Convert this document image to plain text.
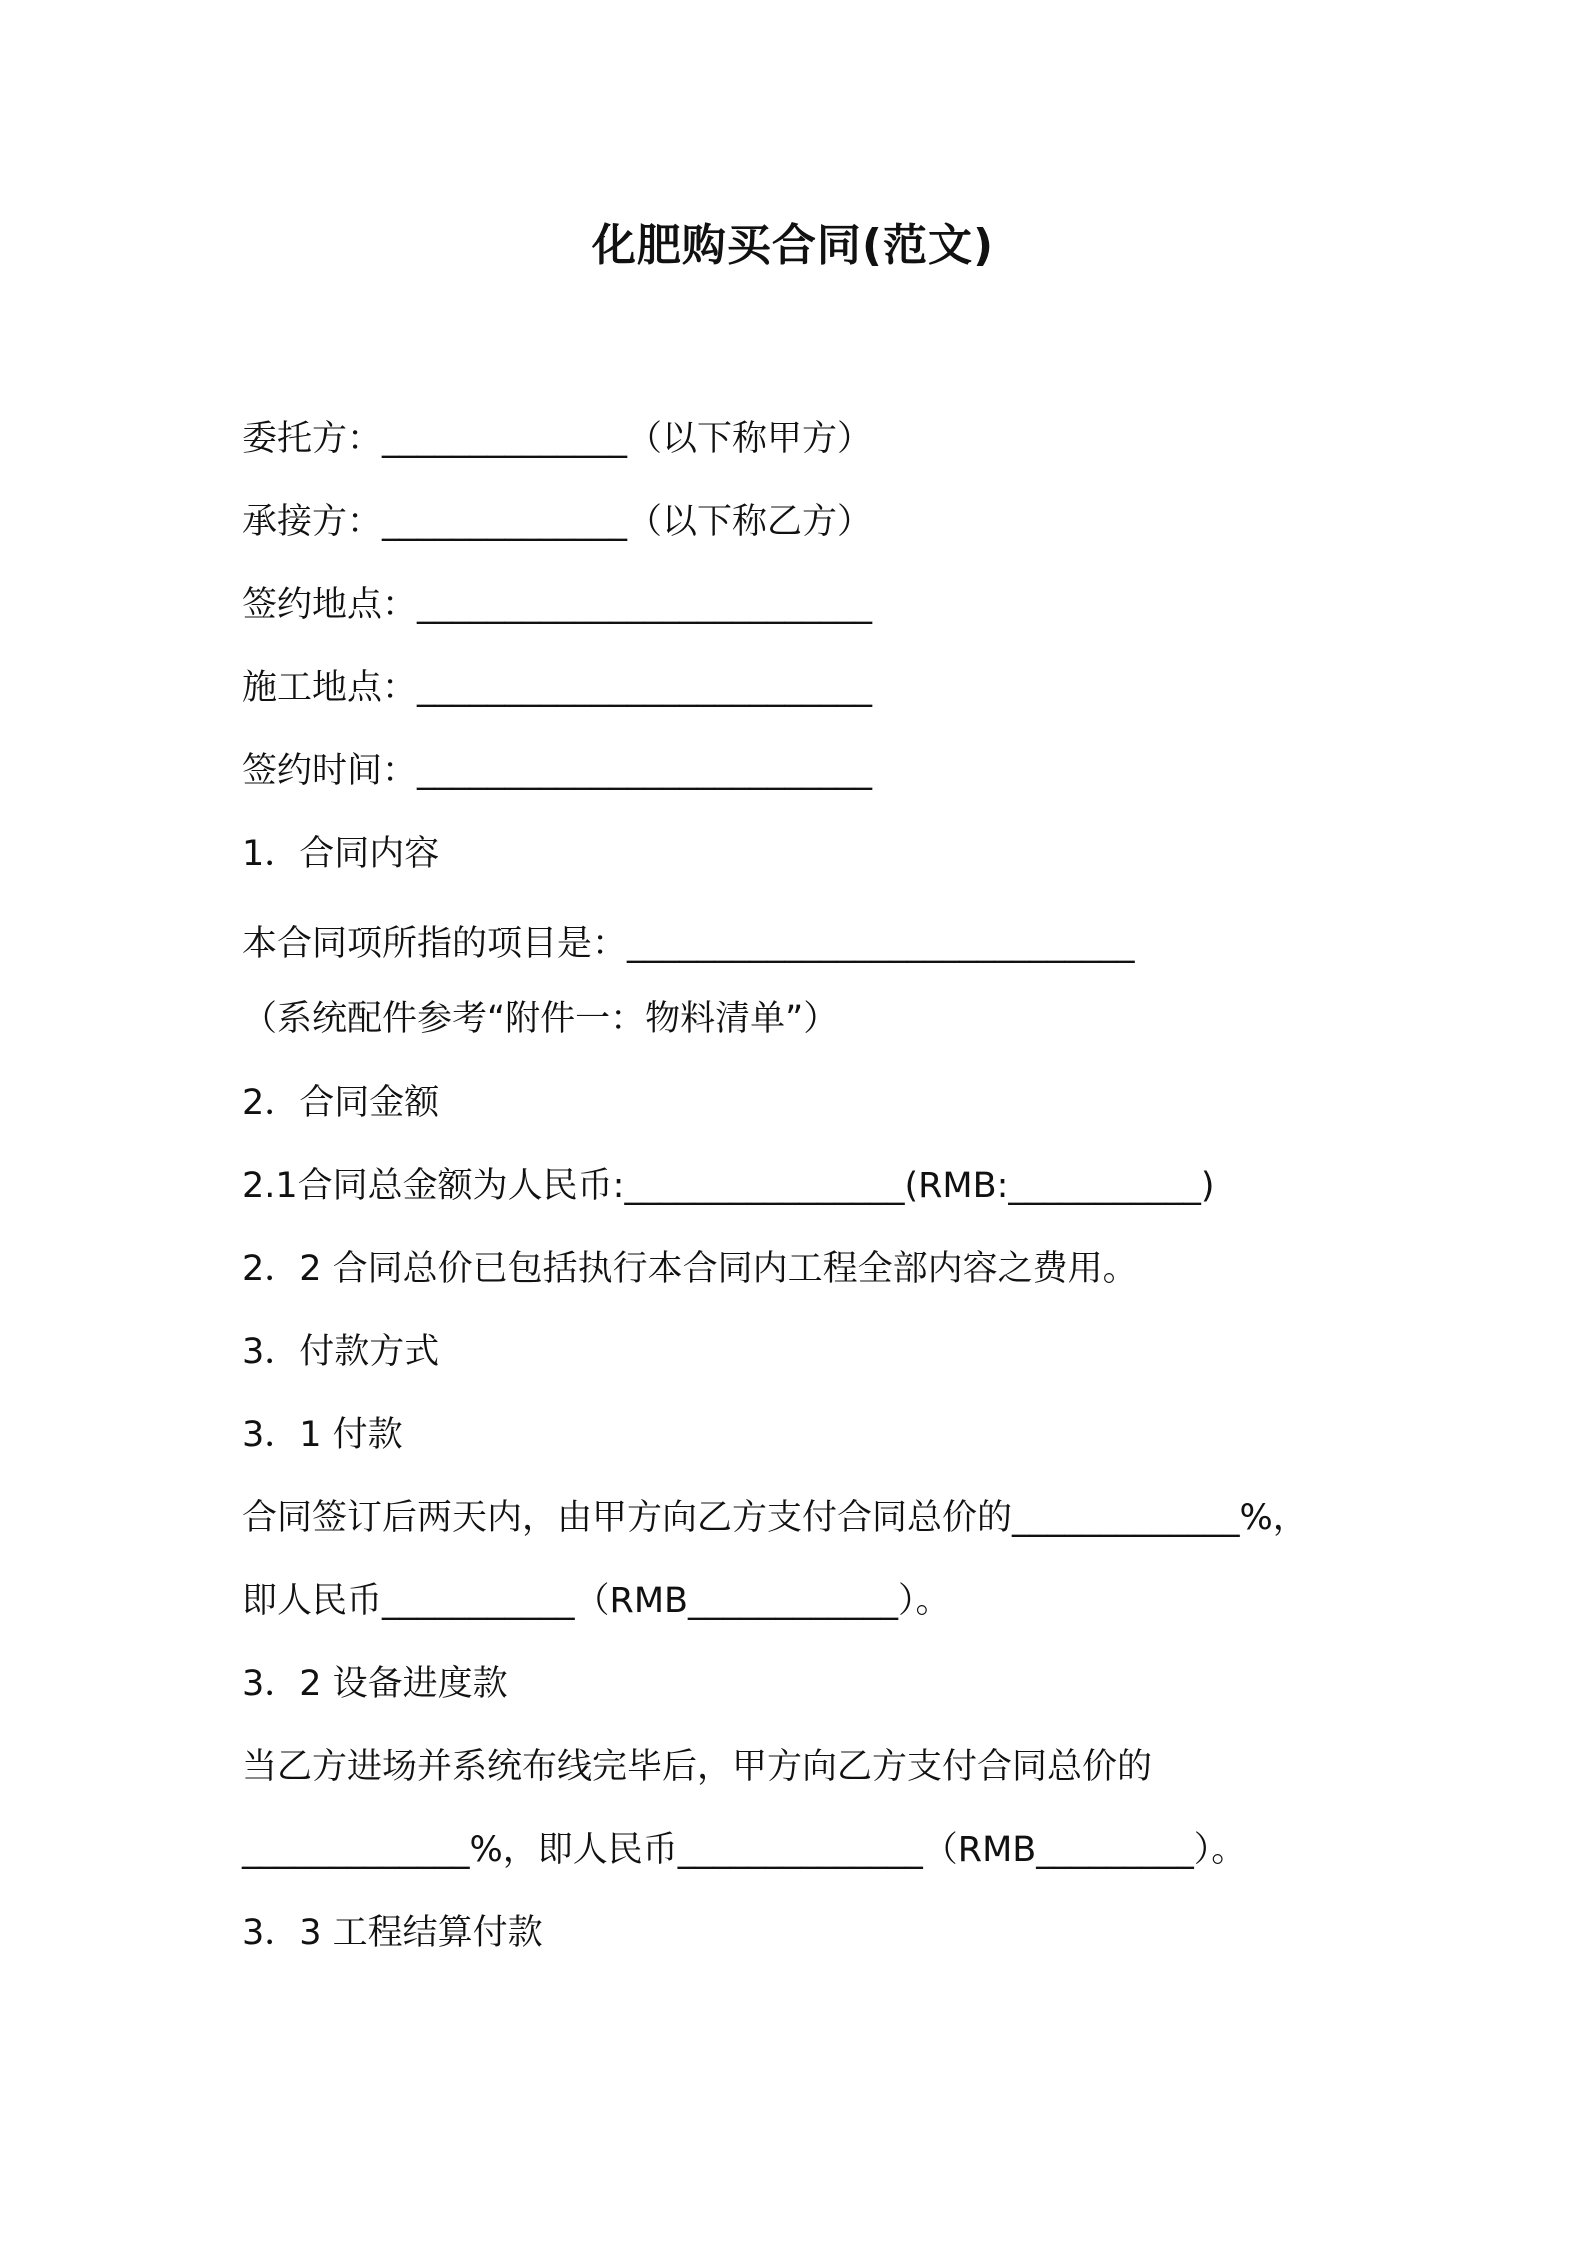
化肥购买合同(范文)
委托方：______________（以下称甲方）
承接方：______________（以下称乙方）
签约地点：__________________________
施工地点：__________________________
签约时间：__________________________
1．合同内容
本合同项所指的项目是：_____________________________
（系统配件参考“附件一：物料清单”）
2．合同金额
2.1合同总金额为人民币:________________(RMB:___________)
2．2 合同总价已包括执行本合同内工程全部内容之费用。
3．付款方式
3．1 付款
合同签订后两天内，由甲方向乙方支付合同总价的_____________%，
即人民币___________（RMB____________）。
3．2 设备进度款
当乙方进场并系统布线完毕后，甲方向乙方支付合同总价的
_____________%，即人民币______________（RMB_________）。
3．3 工程结算付款
